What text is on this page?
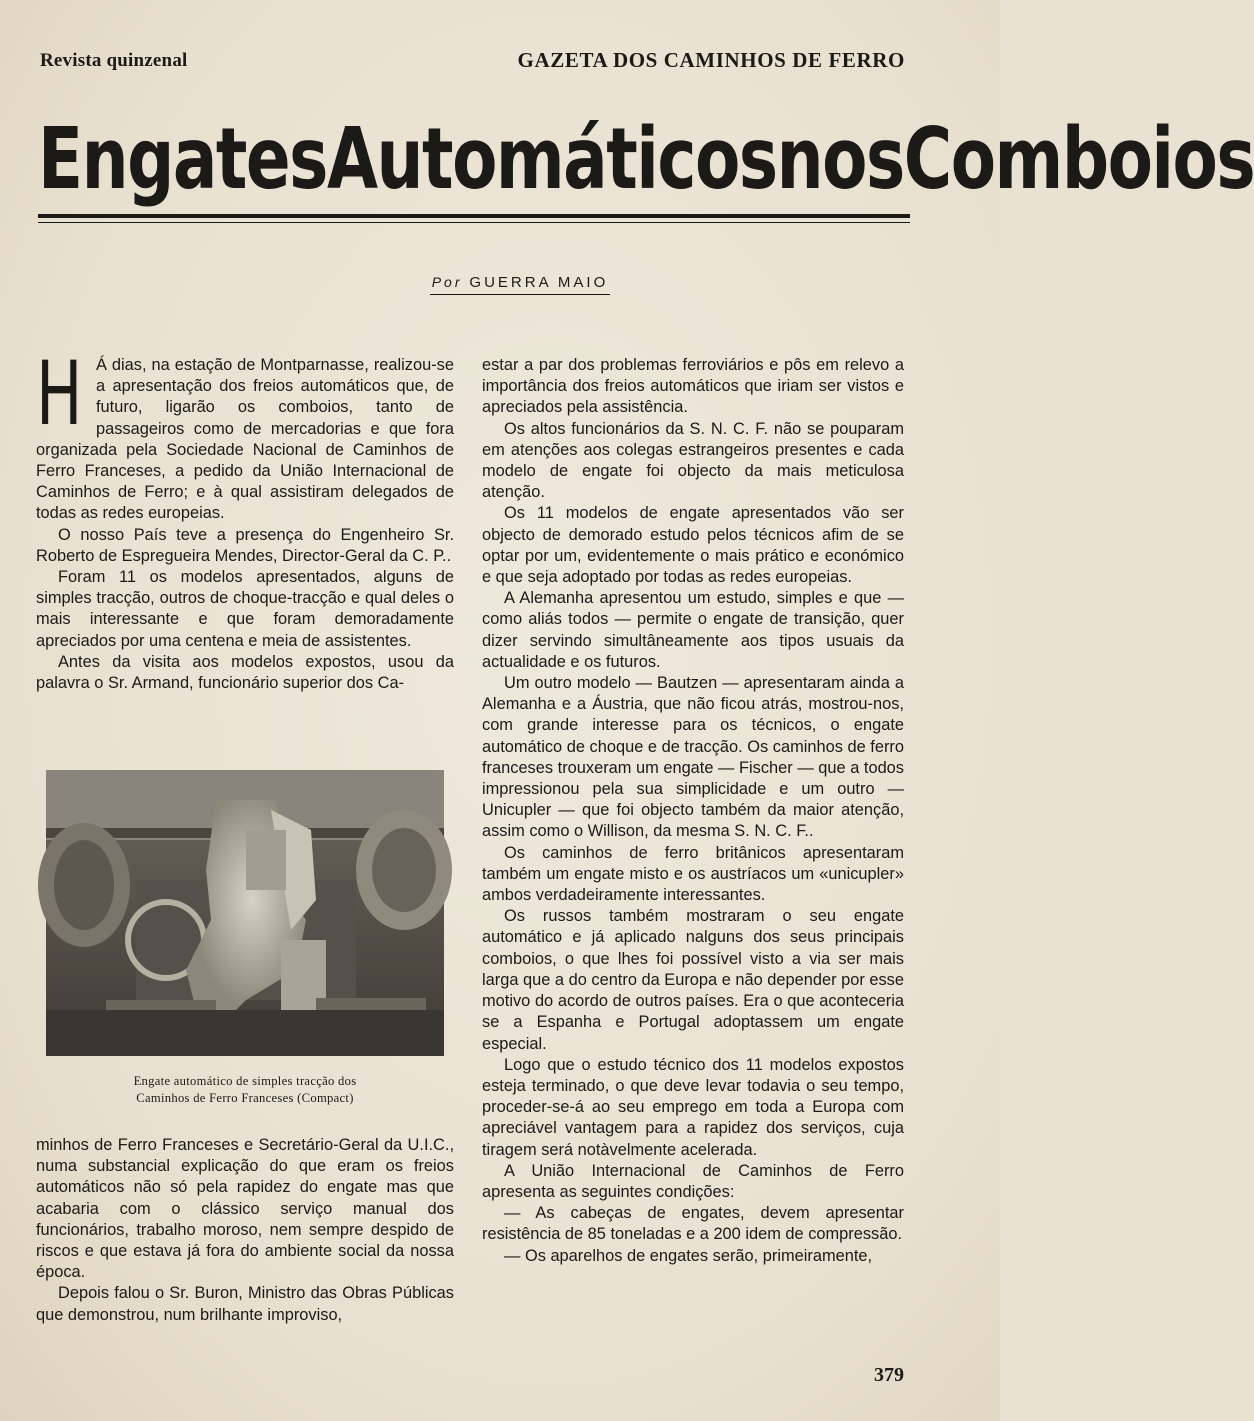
Revista quinzenal	GAZETA DOS CAMINHOS DE FERRO
Engates Automáticos nos Comboios
Por GUERRA MAIO

H Á dias, na estação de Montparnasse, realizou-se a apresentação dos freios automáticos que, de futuro, ligarão os comboios, tanto de passageiros como de mercadorias e que fora organizada pela Sociedade Nacional de Caminhos de Ferro Franceses, a pedido da União Internacional de Caminhos de Ferro; e à qual assistiram delegados de todas as redes europeias.

O nosso País teve a presença do Engenheiro Sr. Roberto de Espregueira Mendes, Director-Geral da C. P..

Foram 11 os modelos apresentados, alguns de simples tracção, outros de choque-tracção e qual deles o mais interessante e que foram demoradamente apreciados por uma centena e meia de assistentes.

Antes da visita aos modelos expostos, usou da palavra o Sr. Armand, funcionário superior dos Ca-

Engate automático de simples tracção dos
Caminhos de Ferro Franceses (Compact)

minhos de Ferro Franceses e Secretário-Geral da U.I.C., numa substancial explicação do que eram os freios automáticos não só pela rapidez do engate mas que acabaria com o clássico serviço manual dos funcionários, trabalho moroso, nem sempre despido de riscos e que estava já fora do ambiente social da nossa época.

Depois falou o Sr. Buron, Ministro das Obras Públicas que demonstrou, num brilhante improviso,

estar a par dos problemas ferroviários e pôs em relevo a importância dos freios automáticos que iriam ser vistos e apreciados pela assistência.

Os altos funcionários da S. N. C. F. não se pouparam em atenções aos colegas estrangeiros presentes e cada modelo de engate foi objecto da mais meticulosa atenção.

Os 11 modelos de engate apresentados vão ser objecto de demorado estudo pelos técnicos afim de se optar por um, evidentemente o mais prático e económico e que seja adoptado por todas as redes europeias.

A Alemanha apresentou um estudo, simples e que — como aliás todos — permite o engate de transição, quer dizer servindo simultâneamente aos tipos usuais da actualidade e os futuros.

Um outro modelo — Bautzen — apresentaram ainda a Alemanha e a Áustria, que não ficou atrás, mostrou-nos, com grande interesse para os técnicos, o engate automático de choque e de tracção. Os caminhos de ferro franceses trouxeram um engate — Fischer — que a todos impressionou pela sua simplicidade e um outro — Unicupler — que foi objecto também da maior atenção, assim como o Willison, da mesma S. N. C. F..

Os caminhos de ferro britânicos apresentaram também um engate misto e os austríacos um «unicupler» ambos verdadeiramente interessantes.

Os russos também mostraram o seu engate automático e já aplicado nalguns dos seus principais comboios, o que lhes foi possível visto a via ser mais larga que a do centro da Europa e não depender por esse motivo do acordo de outros países. Era o que aconteceria se a Espanha e Portugal adoptassem um engate especial.

Logo que o estudo técnico dos 11 modelos expostos esteja terminado, o que deve levar todavia o seu tempo, proceder-se-á ao seu emprego em toda a Europa com apreciável vantagem para a rapidez dos serviços, cuja tiragem será notàvelmente acelerada.

A União Internacional de Caminhos de Ferro apresenta as seguintes condições:

— As cabeças de engates, devem apresentar resistência de 85 toneladas e a 200 idem de compressão.

— Os aparelhos de engates serão, primeiramente,

379
